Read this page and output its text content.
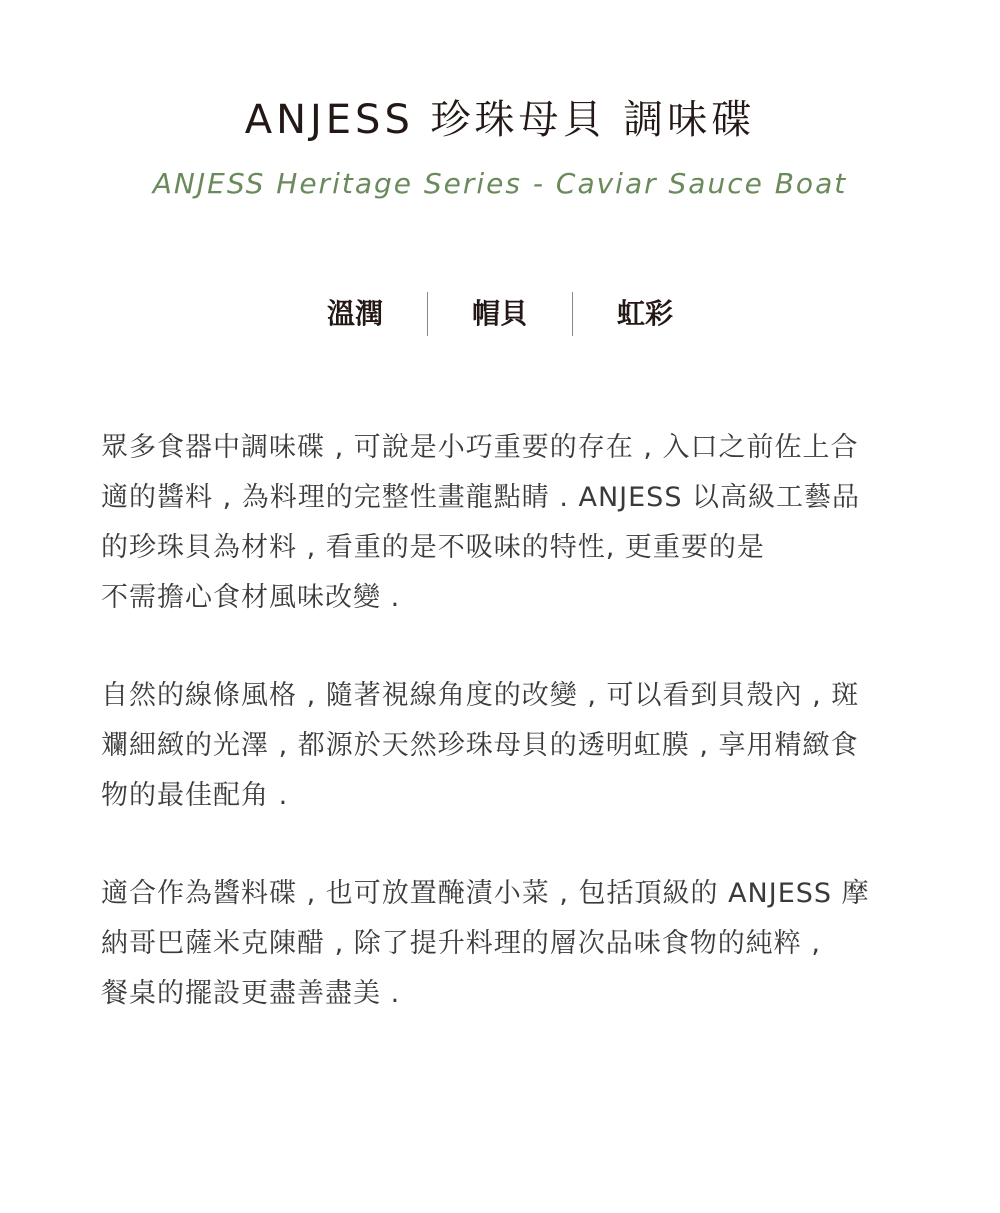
ANJESS 珍珠母貝 調味碟

ANJESS Heritage Series - Caviar Sauce Boat

溫潤	帽貝	虹彩

眾多食器中調味碟 , 可說是小巧重要的存在 , 入口之前佐上合
適的醬料 , 為料理的完整性畫龍點睛 . ANJESS 以高級工藝品
的珍珠貝為材料 , 看重的是不吸味的特性, 更重要的是
不需擔心食材風味改變 .

自然的線條風格 , 隨著視線角度的改變 , 可以看到貝殼內 , 斑
斕細緻的光澤 , 都源於天然珍珠母貝的透明虹膜 , 享用精緻食
物的最佳配角 .

適合作為醬料碟 , 也可放置醃漬小菜 , 包括頂級的 ANJESS 摩
納哥巴薩米克陳醋 , 除了提升料理的層次品味食物的純粹 ,
餐桌的擺設更盡善盡美 .
